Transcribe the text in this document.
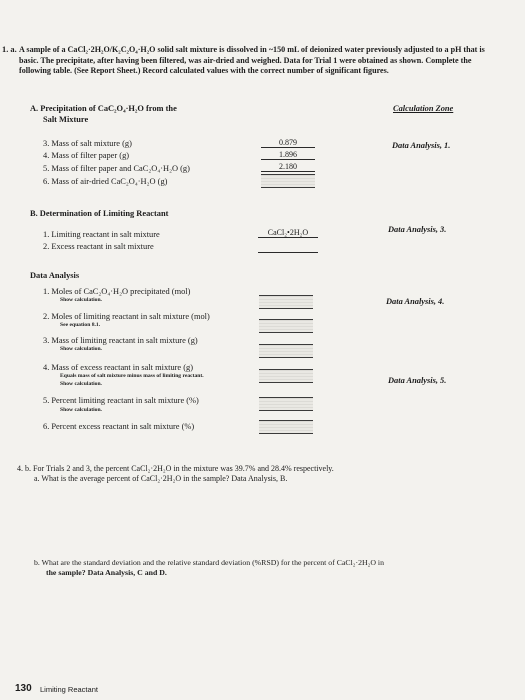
1. a. A sample of a CaCl₂·2H₂O/K₂C₂O₄·H₂O solid salt mixture is dissolved in ~150 mL of deionized water previously adjusted to a pH that is basic. The precipitate, after having been filtered, was air-dried and weighed. Data for Trial 1 were obtained as shown. Complete the following table. (See Report Sheet.) Record calculated values with the correct number of significant figures.
A. Precipitation of CaC₂O₄·H₂O from the
Salt Mixture
Calculation Zone
3. Mass of salt mixture (g)
4. Mass of filter paper (g)
5. Mass of filter paper and CaC₂O₄·H₂O (g)
6. Mass of air-dried CaC₂O₄·H₂O (g)
0.879
1.896
2.180
Data Analysis, 1.
B. Determination of Limiting Reactant
1. Limiting reactant in salt mixture
2. Excess reactant in salt mixture
CaCl₂•2H₂O	Data Analysis, 3.
Data Analysis
1. Moles of CaC₂O₄·H₂O precipitated (mol)
Show calculation.
2. Moles of limiting reactant in salt mixture (mol)
See equation 8.1.
3. Mass of limiting reactant in salt mixture (g)
Show calculation.
4. Mass of excess reactant in salt mixture (g)
Equals mass of salt mixture minus mass of limiting reactant.
Show calculation.
5. Percent limiting reactant in salt mixture (%)
Show calculation.
6. Percent excess reactant in salt mixture (%)
Data Analysis, 4.
Data Analysis, 5.
4. b. For Trials 2 and 3, the percent CaCl₂·2H₂O in the mixture was 39.7% and 28.4% respectively.
a. What is the average percent of CaCl₂·2H₂O in the sample? Data Analysis, B.
b. What are the standard deviation and the relative standard deviation (%RSD) for the percent of CaCl₂·2H₂O in
the sample? Data Analysis, C and D.
130 Limiting Reactant
